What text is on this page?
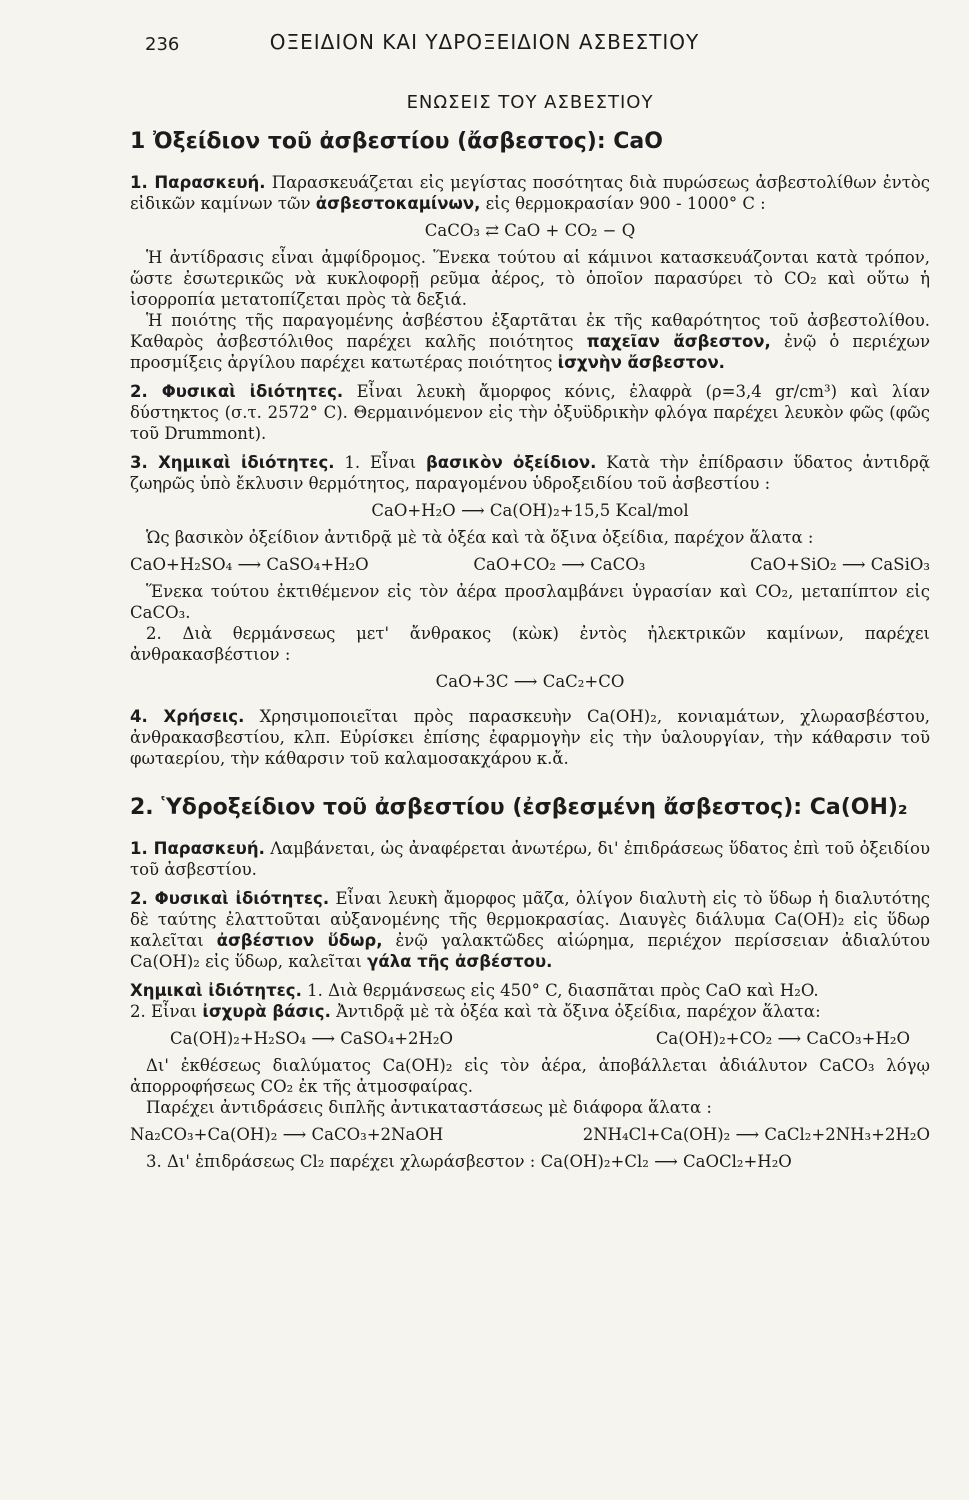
236	ΟΞΕΙΔΙΟΝ ΚΑΙ ΥΔΡΟΞΕΙΔΙΟΝ ΑΣΒΕΣΤΙΟΥ
ΕΝΩΣΕΙΣ ΤΟΥ ΑΣΒΕΣΤΙΟΥ
1 Ὀξείδιον τοῦ ἀσβεστίου (ἄσβεστος): CaO

1. Παρασκευή. Παρασκευάζεται εἰς μεγίστας ποσότητας διὰ πυρώσεως ἀσβεστολίθων ἐντὸς εἰδικῶν καμίνων τῶν ἀσβεστοκαμίνων, εἰς θερμοκρασίαν 900 - 1000° C :

CaCO₃ ⇄ CaO + CO₂ − Q

Ἡ ἀντίδρασις εἶναι ἀμφίδρομος. Ἕνεκα τούτου αἱ κάμινοι κατασκευάζονται κατὰ τρόπον, ὥστε ἐσωτερικῶς νὰ κυκλοφορῇ ρεῦμα ἀέρος, τὸ ὁποῖον παρασύρει τὸ CO₂ καὶ οὕτω ἡ ἰσορροπία μετατοπίζεται πρὸς τὰ δεξιά.

Ἡ ποιότης τῆς παραγομένης ἀσβέστου ἐξαρτᾶται ἐκ τῆς καθαρότητος τοῦ ἀσβεστολίθου. Καθαρὸς ἀσβεστόλιθος παρέχει καλῆς ποιότητος παχεῖαν ἄσβεστον, ἐνῷ ὁ περιέχων προσμίξεις ἀργίλου παρέχει κατωτέρας ποιότητος ἰσχνὴν ἄσβεστον.

2. Φυσικαὶ ἰδιότητες. Εἶναι λευκὴ ἄμορφος κόνις, ἐλαφρὰ (ρ=3,4 gr/cm³) καὶ λίαν δύστηκτος (σ.τ. 2572° C). Θερμαινόμενον εἰς τὴν ὀξυϋδρικὴν φλόγα παρέχει λευκὸν φῶς (φῶς τοῦ Drummont).

3. Χημικαὶ ἰδιότητες. 1. Εἶναι βασικὸν ὀξείδιον. Κατὰ τὴν ἐπίδρασιν ὕδατος ἀντιδρᾷ ζωηρῶς ὑπὸ ἔκλυσιν θερμότητος, παραγομένου ὑδροξειδίου τοῦ ἀσβεστίου :

CaO+H₂O ⟶ Ca(OH)₂+15,5 Kcal/mol

Ὡς βασικὸν ὀξείδιον ἀντιδρᾷ μὲ τὰ ὀξέα καὶ τὰ ὄξινα ὀξείδια, παρέχον ἅλατα :

CaO+H₂SO₄ ⟶ CaSO₄+H₂O	CaO+CO₂ ⟶ CaCO₃	CaO+SiO₂ ⟶ CaSiO₃

Ἕνεκα τούτου ἐκτιθέμενον εἰς τὸν ἀέρα προσλαμβάνει ὑγρασίαν καὶ CO₂, μεταπίπτον εἰς CaCO₃.

2. Διὰ θερμάνσεως μετ' ἄνθρακος (κὼκ) ἐντὸς ἠλεκτρικῶν καμίνων, παρέχει ἀνθρακασβέστιον :

CaO+3C ⟶ CaC₂+CO

4. Χρήσεις. Χρησιμοποιεῖται πρὸς παρασκευὴν Ca(OH)₂, κονιαμάτων, χλωρασβέστου, ἀνθρακασβεστίου, κλπ. Εὑρίσκει ἐπίσης ἐφαρμογὴν εἰς τὴν ὑαλουργίαν, τὴν κάθαρσιν τοῦ φωταερίου, τὴν κάθαρσιν τοῦ καλαμοσακχάρου κ.ἄ.

2. Ὑδροξείδιον τοῦ ἀσβεστίου (ἐσβεσμένη ἄσβεστος): Ca(OH)₂

1. Παρασκευή. Λαμβάνεται, ὡς ἀναφέρεται ἀνωτέρω, δι' ἐπιδράσεως ὕδατος ἐπὶ τοῦ ὀξειδίου τοῦ ἀσβεστίου.

2. Φυσικαὶ ἰδιότητες. Εἶναι λευκὴ ἄμορφος μᾶζα, ὀλίγον διαλυτὴ εἰς τὸ ὕδωρ ἡ διαλυτότης δὲ ταύτης ἐλαττοῦται αὐξανομένης τῆς θερμοκρασίας. Διαυγὲς διάλυμα Ca(OH)₂ εἰς ὕδωρ καλεῖται ἀσβέστιον ὕδωρ, ἐνῷ γαλακτῶδες αἰώρημα, περιέχον περίσσειαν ἀδιαλύτου Ca(OH)₂ εἰς ὕδωρ, καλεῖται γάλα τῆς ἀσβέστου.

Χημικαὶ ἰδιότητες. 1. Διὰ θερμάνσεως εἰς 450° C, διασπᾶται πρὸς CaO καὶ H₂O.

2. Εἶναι ἰσχυρὰ βάσις. Ἀντιδρᾷ μὲ τὰ ὀξέα καὶ τὰ ὄξινα ὀξείδια, παρέχον ἅλατα:

Ca(OH)₂+H₂SO₄ ⟶ CaSO₄+2H₂O	Ca(OH)₂+CO₂ ⟶ CaCO₃+H₂O

Δι' ἐκθέσεως διαλύματος Ca(OH)₂ εἰς τὸν ἀέρα, ἀποβάλλεται ἀδιάλυτον CaCO₃ λόγῳ ἀπορροφήσεως CO₂ ἐκ τῆς ἀτμοσφαίρας.

Παρέχει ἀντιδράσεις διπλῆς ἀντικαταστάσεως μὲ διάφορα ἅλατα :

Na₂CO₃+Ca(OH)₂ ⟶ CaCO₃+2NaOH	2NH₄Cl+Ca(OH)₂ ⟶ CaCl₂+2NH₃+2H₂O

3. Δι' ἐπιδράσεως Cl₂ παρέχει χλωράσβεστον : Ca(OH)₂+Cl₂ ⟶ CaOCl₂+H₂O
